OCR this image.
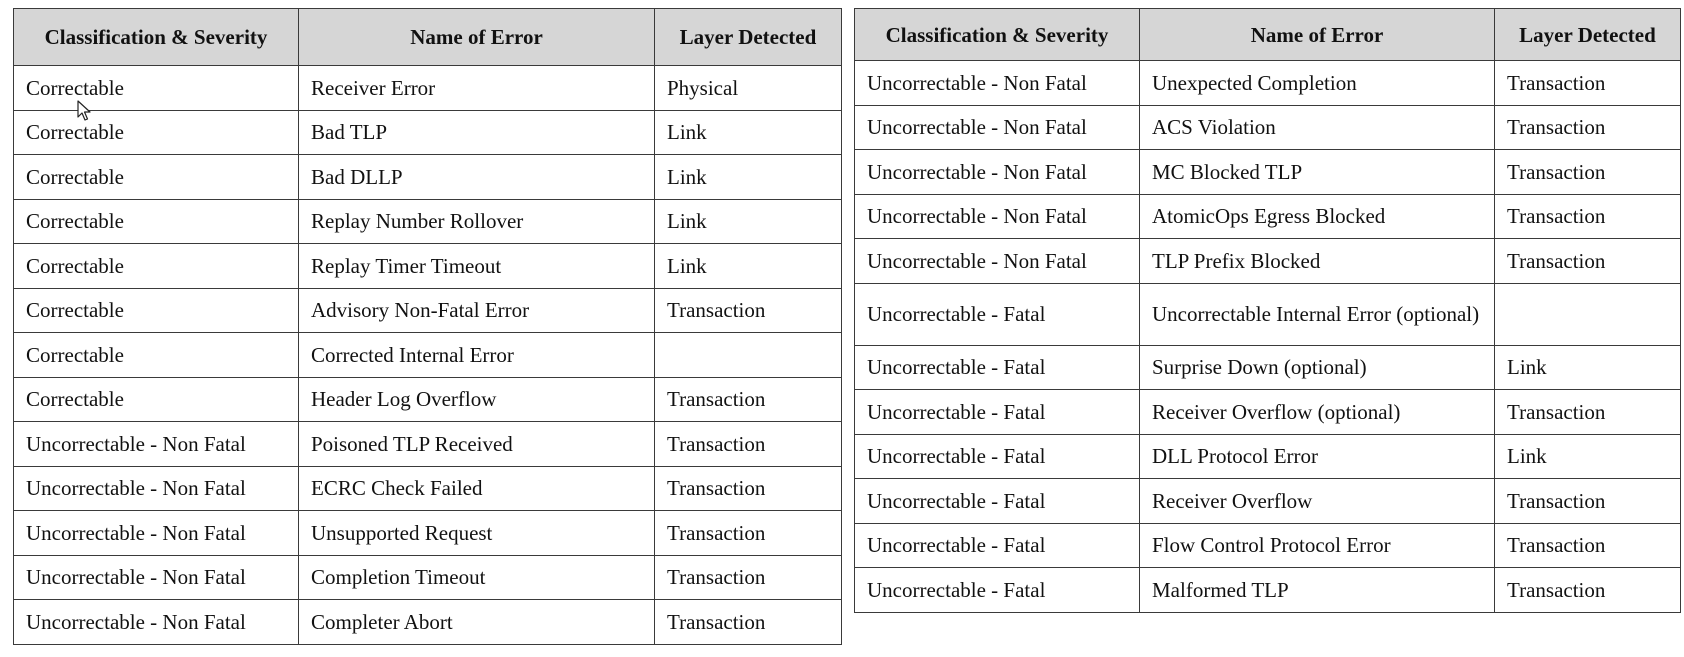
Classification & Severity	Name of Error	Layer Detected
Correctable	Receiver Error	Physical
Correctable	Bad TLP	Link
Correctable	Bad DLLP	Link
Correctable	Replay Number Rollover	Link
Correctable	Replay Timer Timeout	Link
Correctable	Advisory Non-Fatal Error	Transaction
Correctable	Corrected Internal Error	
Correctable	Header Log Overflow	Transaction
Uncorrectable - Non Fatal	Poisoned TLP Received	Transaction
Uncorrectable - Non Fatal	ECRC Check Failed	Transaction
Uncorrectable - Non Fatal	Unsupported Request	Transaction
Uncorrectable - Non Fatal	Completion Timeout	Transaction
Uncorrectable - Non Fatal	Completer Abort	Transaction
Classification & Severity	Name of Error	Layer Detected
Uncorrectable - Non Fatal	Unexpected Completion	Transaction
Uncorrectable - Non Fatal	ACS Violation	Transaction
Uncorrectable - Non Fatal	MC Blocked TLP	Transaction
Uncorrectable - Non Fatal	AtomicOps Egress Blocked	Transaction
Uncorrectable - Non Fatal	TLP Prefix Blocked	Transaction
Uncorrectable - Fatal	Uncorrectable Internal Error (optional)	
Uncorrectable - Fatal	Surprise Down (optional)	Link
Uncorrectable - Fatal	Receiver Overflow (optional)	Transaction
Uncorrectable - Fatal	DLL Protocol Error	Link
Uncorrectable - Fatal	Receiver Overflow	Transaction
Uncorrectable - Fatal	Flow Control Protocol Error	Transaction
Uncorrectable - Fatal	Malformed TLP	Transaction
